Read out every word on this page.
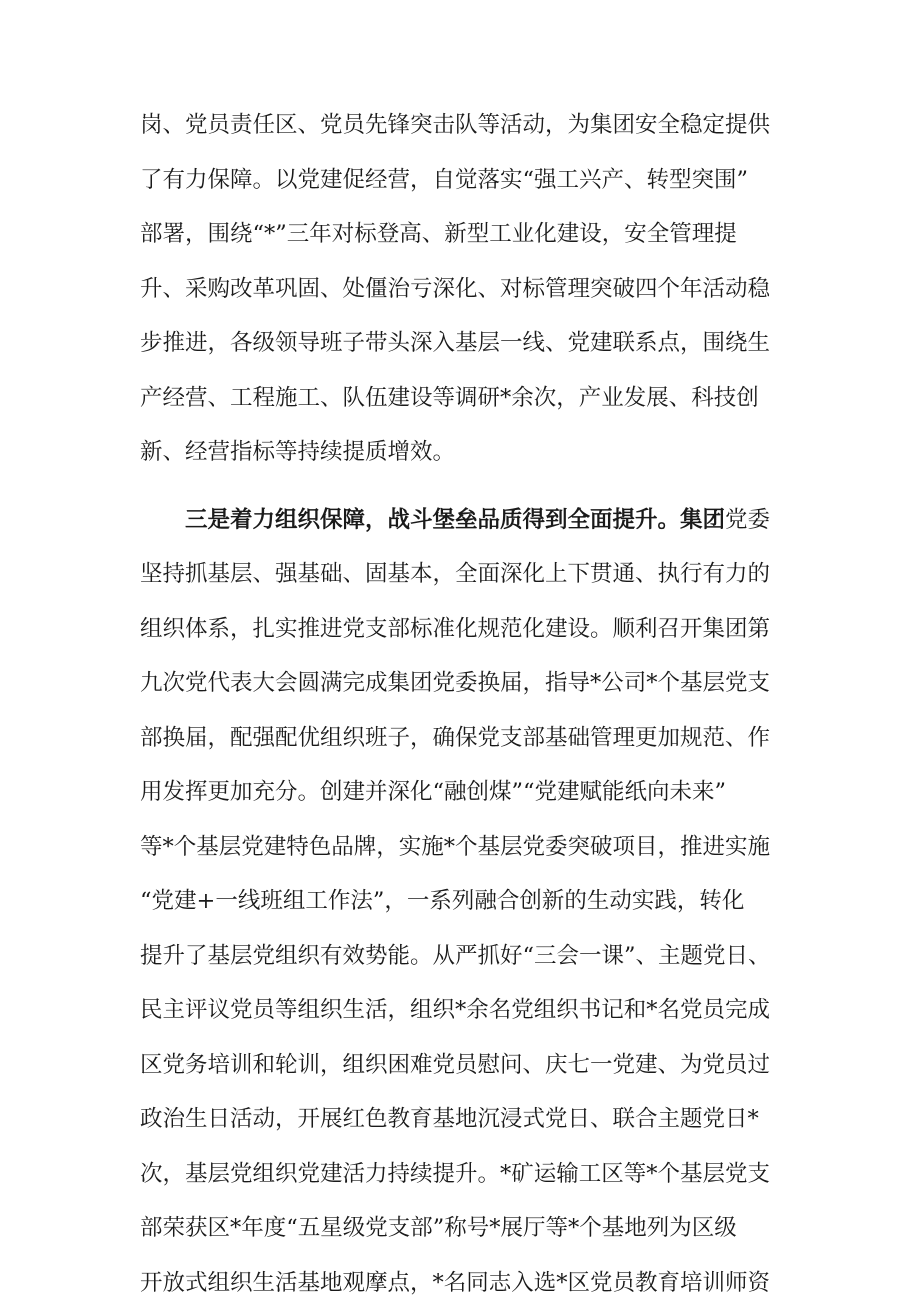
岗、党员责任区、党员先锋突击队等活动，为集团安全稳定提供
了有力保障。以党建促经营，自觉落实“强工兴产、转型突围”
部署，围绕“*”三年对标登高、新型工业化建设，安全管理提
升、采购改革巩固、处僵治亏深化、对标管理突破四个年活动稳
步推进，各级领导班子带头深入基层一线、党建联系点，围绕生
产经营、工程施工、队伍建设等调研*余次，产业发展、科技创
新、经营指标等持续提质增效。
三是着力组织保障，战斗堡垒品质得到全面提升。集团党委
坚持抓基层、强基础、固基本，全面深化上下贯通、执行有力的
组织体系，扎实推进党支部标准化规范化建设。顺利召开集团第
九次党代表大会圆满完成集团党委换届，指导*公司*个基层党支
部换届，配强配优组织班子，确保党支部基础管理更加规范、作
用发挥更加充分。创建并深化“融创煤”“党建赋能纸向未来”
等*个基层党建特色品牌，实施*个基层党委突破项目，推进实施
“党建+一线班组工作法”，一系列融合创新的生动实践，转化
提升了基层党组织有效势能。从严抓好“三会一课”、主题党日、
民主评议党员等组织生活，组织*余名党组织书记和*名党员完成
区党务培训和轮训，组织困难党员慰问、庆七一党建、为党员过
政治生日活动，开展红色教育基地沉浸式党日、联合主题党日*
次，基层党组织党建活力持续提升。*矿运输工区等*个基层党支
部荣获区*年度“五星级党支部”称号*展厅等*个基地列为区级
开放式组织生活基地观摩点，*名同志入选*区党员教育培训师资
